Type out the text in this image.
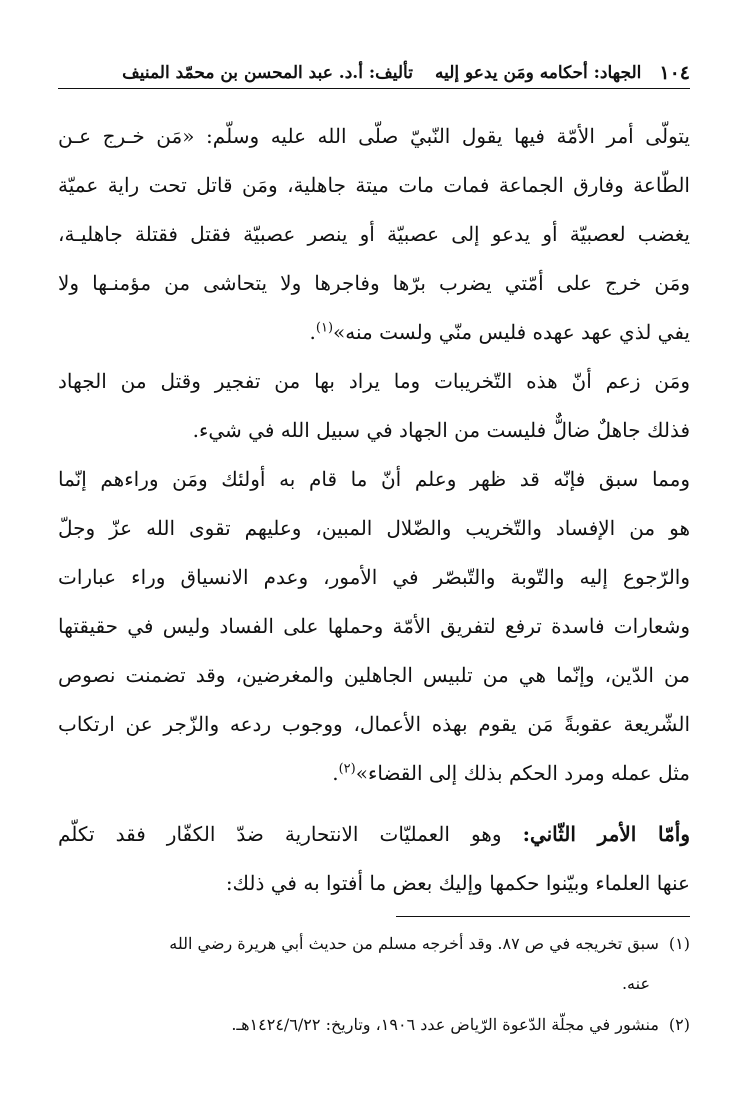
١٠٤
الجهاد: أحكامه ومَن يدعو إليه
تأليف: أ.د. عبد المحسن بن محمّد المنيف
يتولّى أمر الأمّة فيها يقول النّبيّ صلّى الله عليه وسلّم: «مَن خـرج عـن
الطّاعة وفارق الجماعة فمات مات ميتة جاهلية، ومَن قاتل تحت راية عميّة
يغضب لعصبيّة أو يدعو إلى عصبيّة أو ينصر عصبيّة فقتل فقتلة جاهليـة،
ومَن خرج على أمّتي يضرب برّها وفاجرها ولا يتحاشى من مؤمنـها ولا
يفي لذي عهد عهده فليس منّي ولست منه»$^{(١)}$.
ومَن زعم أنّ هذه التّخريبات وما يراد بها من تفجير وقتل من الجهاد
فذلك جاهلٌ ضالٌّ فليست من الجهاد في سبيل الله في شيء.
ومما سبق فإنّه قد ظهر وعلم أنّ ما قام به أولئك ومَن وراءهم إنّما
هو من الإفساد والتّخريب والضّلال المبين، وعليهم تقوى الله عزّ وجلّ
والرّجوع إليه والتّوبة والتّبصّر في الأمور، وعدم الانسياق وراء عبارات
وشعارات فاسدة ترفع لتفريق الأمّة وحملها على الفساد وليس في حقيقتها
من الدّين، وإنّما هي من تلبيس الجاهلين والمغرضين، وقد تضمنت نصوص
الشّريعة عقوبةً مَن يقوم بهذه الأعمال، ووجوب ردعه والزّجر عن ارتكاب
مثل عمله ومرد الحكم بذلك إلى القضاء»$^{(٢)}$.
وأمّا الأمر الثّاني: وهو العمليّات الانتحارية ضدّ الكفّار فقد تكلّم
عنها العلماء وبيّنوا حكمها وإليك بعض ما أفتوا به في ذلك:
(١)سبق تخريجه في ص ٨٧. وقد أخرجه مسلم من حديث أبي هريرة رضي الله
عنه.
(٢)منشور في مجلّة الدّعوة الرّياض عدد ١٩٠٦، وتاريخ: ١٤٢٤/٦/٢٢هـ.
